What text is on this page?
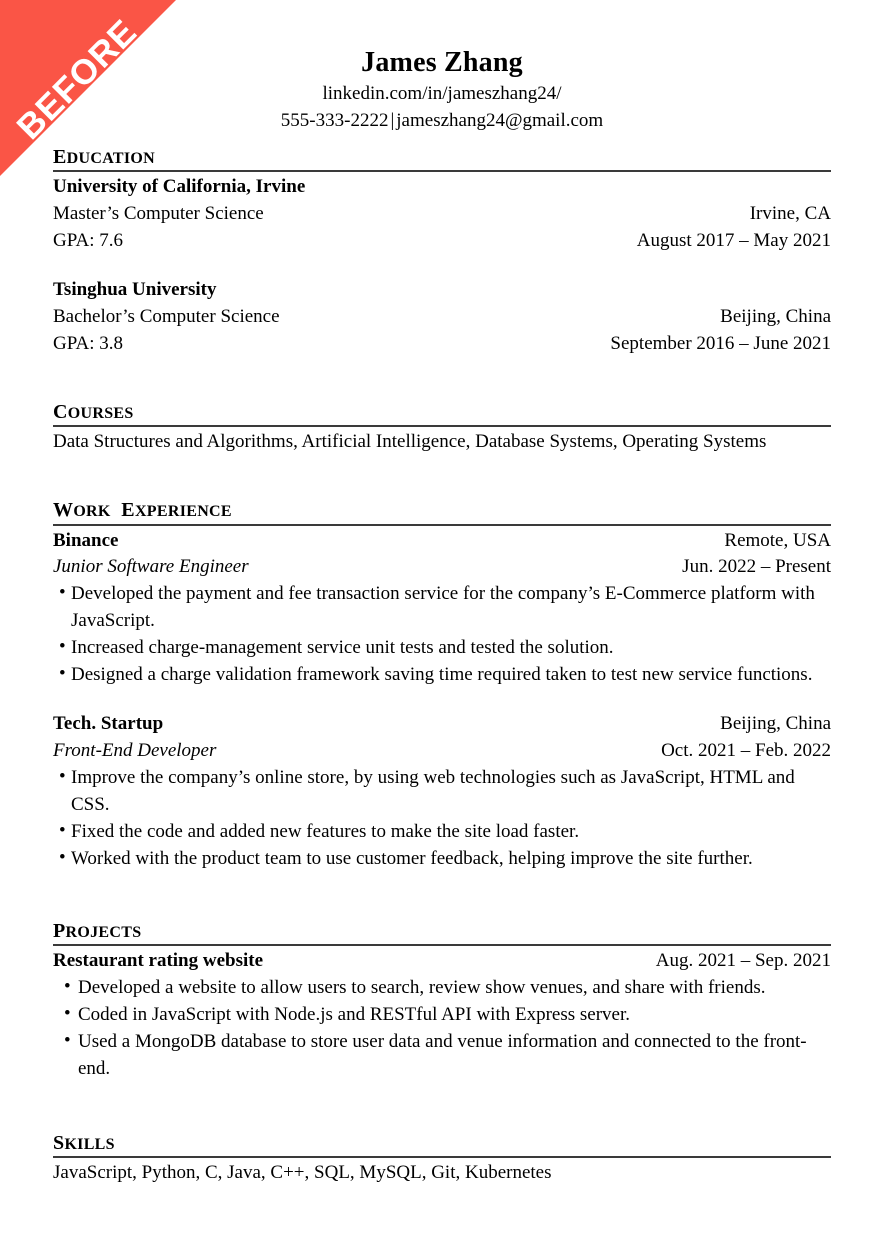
BEFORE	James Zhang

linkedin.com/in/jameszhang24/

555-333-2222 | jameszhang24@gmail.com

EDUCATION
University of California, Irvine
Master’s Computer Science	Irvine, CA
GPA: 7.6	August 2017 – May 2021
Tsinghua University
Bachelor’s Computer Science	Beijing, China
GPA: 3.8	September 2016 – June 2021
COURSES

Data Structures and Algorithms, Artificial Intelligence, Database Systems, Operating Systems

WORK EXPERIENCE
Binance	Remote, USA
Junior Software Engineer	Jun. 2022 – Present
• Developed the payment and fee transaction service for the company’s E-Commerce platform with JavaScript.
• Increased charge-management service unit tests and tested the solution.
• Designed a charge validation framework saving time required taken to test new service functions.
Tech. Startup	Beijing, China
Front-End Developer	Oct. 2021 – Feb. 2022
• Improve the company’s online store, by using web technologies such as JavaScript, HTML and CSS.
• Fixed the code and added new features to make the site load faster.
• Worked with the product team to use customer feedback, helping improve the site further.
PROJECTS
Restaurant rating website	Aug. 2021 – Sep. 2021
• Developed a website to allow users to search, review show venues, and share with friends.
• Coded in JavaScript with Node.js and RESTful API with Express server.
• Used a MongoDB database to store user data and venue information and connected to the front-end.
SKILLS

JavaScript, Python, C, Java, C++, SQL, MySQL, Git, Kubernetes
